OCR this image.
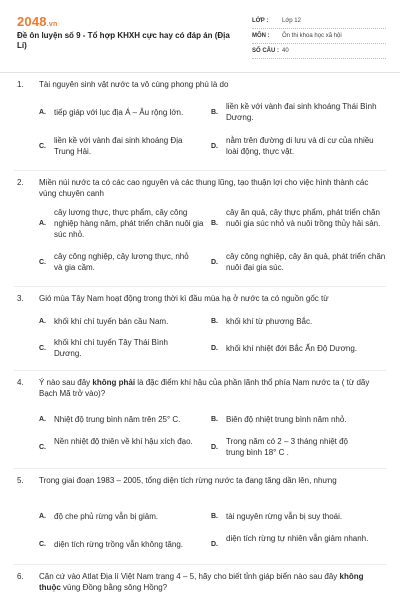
2048.vn
Đề ôn luyện số 9 - Tổ hợp KHXH cực hay có đáp án (Địa Lí)
LỚP :	Lớp 12
MÔN :	Ôn thi khoa học xã hội
SỐ CÂU : 40
1.	Tài nguyên sinh vật nước ta vô cùng phong phú là do
A. tiếp giáp với lục địa Á – Âu rộng lớn.	B.
liền kề với vành đai sinh khoáng Thái Bình Dương.
C.
liền kề với vành đai sinh khoáng Địa Trung Hải.
D.
nằm trên đường di lưu và di cư của nhiều loài động, thực vật.
2.	Miền núi nước ta có các cao nguyên và các thung lũng, tạo thuận lợi cho việc hình thành các vùng chuyên canh
A.
cây lương thực, thực phẩm, cây công nghiệp hàng năm, phát triển chăn nuôi gia súc nhỏ.
B.
cây ăn quả, cây thực phẩm, phát triển chăn nuôi gia súc nhỏ và nuôi trồng thủy hải sản.
C.
cây công nghiệp, cây lương thực, nhỏ và gia cầm.
D.
cây công nghiệp, cây ăn quả, phát triển chăn nuôi đại gia súc.
3.	Gió mùa Tây Nam hoạt động trong thời kì đầu mùa hạ ở nước ta có nguồn gốc từ
A. khối khí chí tuyến bán cầu Nam.	B. khối khí từ phương Bắc.
C.
khối khí chí tuyến Tây Thái Bình Dương.
D. khối khí nhiệt đới Bắc Ấn Độ Dương.
4.	Ý nào sau đây không phải là đặc điểm khí hậu của phần lãnh thổ phía Nam nước ta ( từ dãy Bạch Mã trở vào)?
A. Nhiệt độ trung bình năm trên 25° C.	B. Biên độ nhiệt trung bình năm nhỏ.
C.
Nền nhiệt độ thiên về khí hậu xích đạo.
D.
Trong năm có 2 – 3 tháng nhiệt độ trung bình 18° C .
5.	Trong giai đoạn 1983 – 2005, tổng diện tích rừng nước ta đang tăng dần lên, nhưng
A. độ che phủ rừng vẫn bị giảm.	B. tài nguyên rừng vẫn bị suy thoái.
C. diện tích rừng trồng vẫn không tăng.	D.
diện tích rừng tự nhiên vẫn giảm nhanh.
6.	Căn cứ vào Atlat Địa lí Việt Nam trang 4 – 5, hãy cho biết tỉnh giáp biển nào sau đây không thuộc vùng Đồng bằng sông Hồng?
